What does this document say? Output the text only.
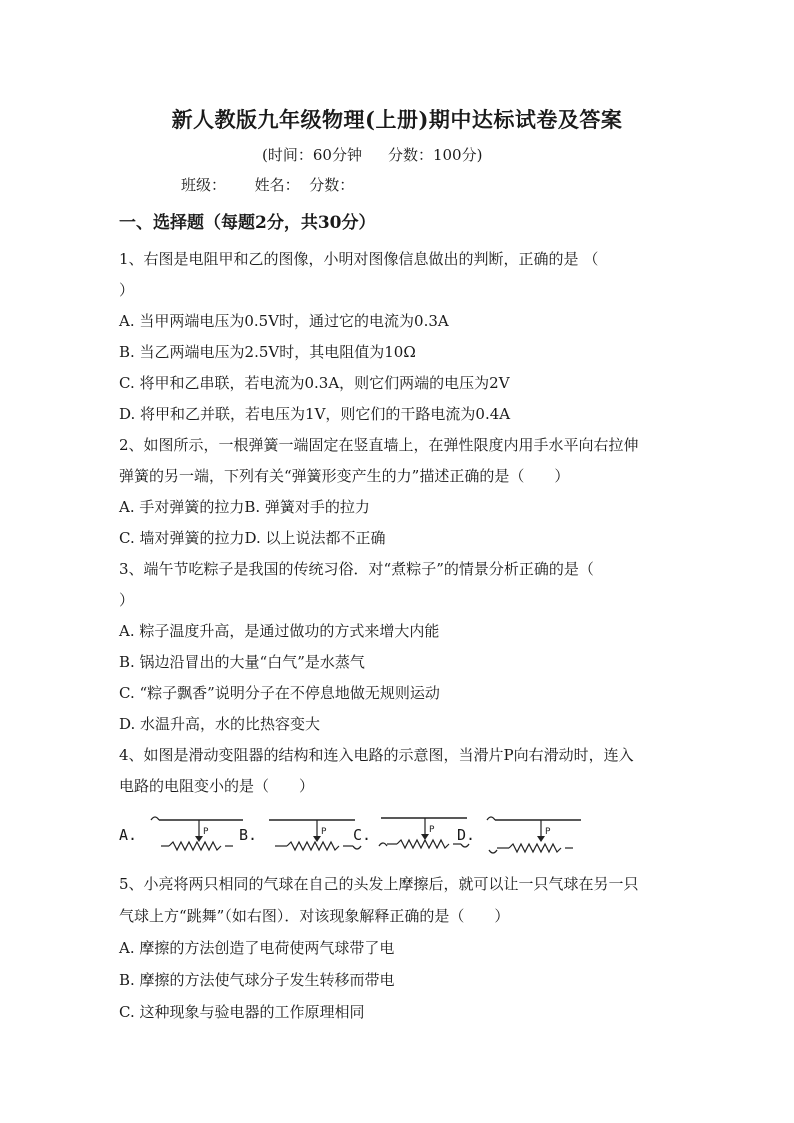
新人教版九年级物理(上册)期中达标试卷及答案
(时间：60分钟 分数：100分)
班级： 姓名： 分数：
一、选择题（每题2分，共30分）
1、右图是电阻甲和乙的图像，小明对图像信息做出的判断，正确的是 （
）
A. 当甲两端电压为0.5V时，通过它的电流为0.3A
B. 当乙两端电压为2.5V时，其电阻值为10Ω
C. 将甲和乙串联，若电流为0.3A，则它们两端的电压为2V
D. 将甲和乙并联，若电压为1V，则它们的干路电流为0.4A
2、如图所示，一根弹簧一端固定在竖直墙上，在弹性限度内用手水平向右拉伸
弹簧的另一端，下列有关“弹簧形变产生的力”描述正确的是（　　）
A. 手对弹簧的拉力B. 弹簧对手的拉力
C. 墙对弹簧的拉力D. 以上说法都不正确
3、端午节吃粽子是我国的传统习俗．对“煮粽子”的情景分析正确的是（
）
A. 粽子温度升高，是通过做功的方式来增大内能
B. 锅边沿冒出的大量“白气”是水蒸气
C. “粽子飘香”说明分子在不停息地做无规则运动
D. 水温升高，水的比热容变大
4、如图是滑动变阻器的结构和连入电路的示意图，当滑片P向右滑动时，连入
电路的电阻变小的是（　　）
A.	P B.	P C.	P D.	P
5、小亮将两只相同的气球在自己的头发上摩擦后，就可以让一只气球在另一只
气球上方“跳舞”（如右图）．对该现象解释正确的是（　　）
A. 摩擦的方法创造了电荷使两气球带了电
B. 摩擦的方法使气球分子发生转移而带电
C. 这种现象与验电器的工作原理相同
